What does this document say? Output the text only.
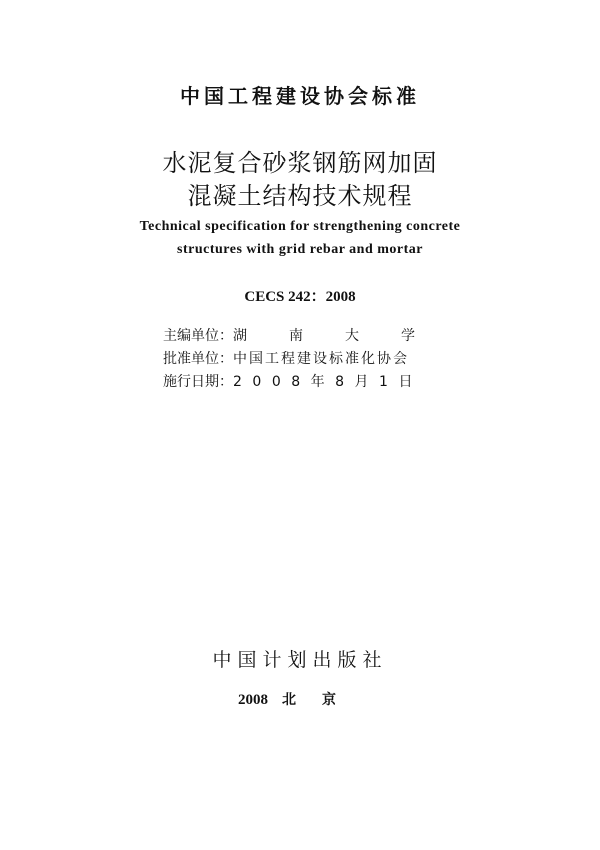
中国工程建设协会标准
水泥复合砂浆钢筋网加固
混凝土结构技术规程
Technical specification for strengthening concrete
structures with grid rebar and mortar
CECS 242：2008
主编单位：湖南大学
批准单位：中国工程建设标准化协会
施行日期：2008年8月1日
中国计划出版社
2008 北京
